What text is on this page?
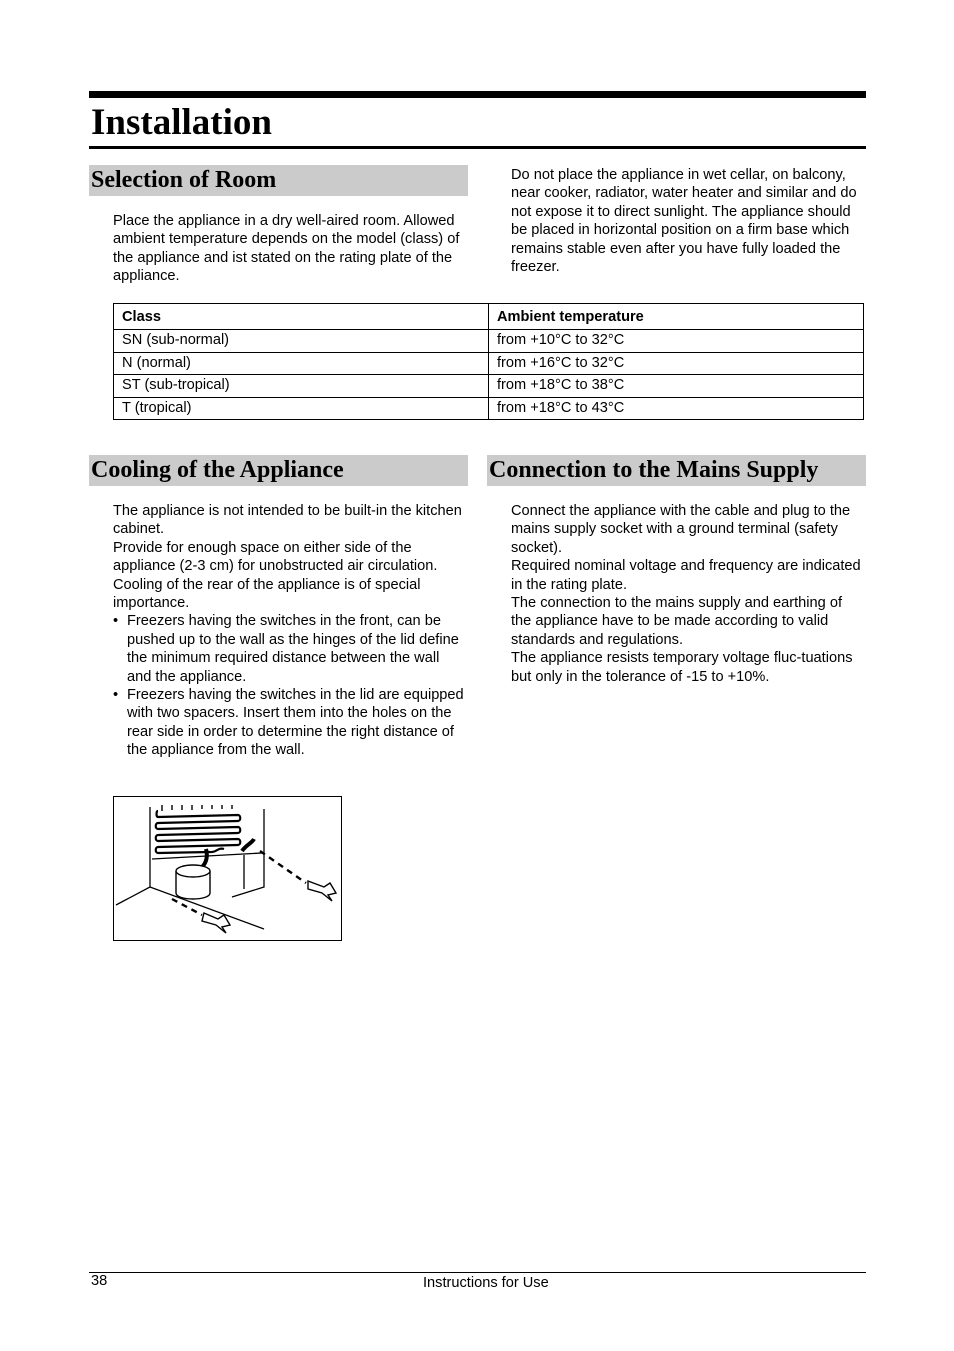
Installation
Selection of Room

Place the appliance in a dry well-aired room. Allowed ambient temperature depends on the model (class) of the appliance and ist stated on the rating plate of the appliance.

Do not place the appliance in wet cellar, on balcony, near cooker, radiator, water heater and similar and do not expose it to direct sunlight. The appliance should be placed in horizontal position on a firm base which remains stable even after you have fully loaded the freezer.

Class	Ambient temperature
SN (sub-normal)	from +10°C to 32°C
N (normal)	from +16°C to 32°C
ST (sub-tropical)	from +18°C to 38°C
T (tropical)	from +18°C to 43°C
Cooling of the Appliance

The appliance is not intended to be built-in the kitchen cabinet.

Provide for enough space on either side of the appliance (2-3 cm) for unobstructed air circulation.

Cooling of the rear of the appliance is of special importance.

• Freezers having the switches in the front, can be pushed up to the wall as the hinges of the lid define the minimum required distance between the wall and the appliance.
• Freezers having the switches in the lid are equipped with two spacers. Insert them into the holes on the rear side in order to determine the right distance of the appliance from the wall.
Connection to the Mains Supply

Connect the appliance with the cable and plug to the mains supply socket with a ground terminal (safety socket).

Required nominal voltage and frequency are indicated in the rating plate.

The connection to the mains supply and earthing of the appliance have to be made according to valid standards and regulations.

The appliance resists temporary voltage fluc-tuations but only in the tolerance of -15 to +10%.

38	Instructions for Use
